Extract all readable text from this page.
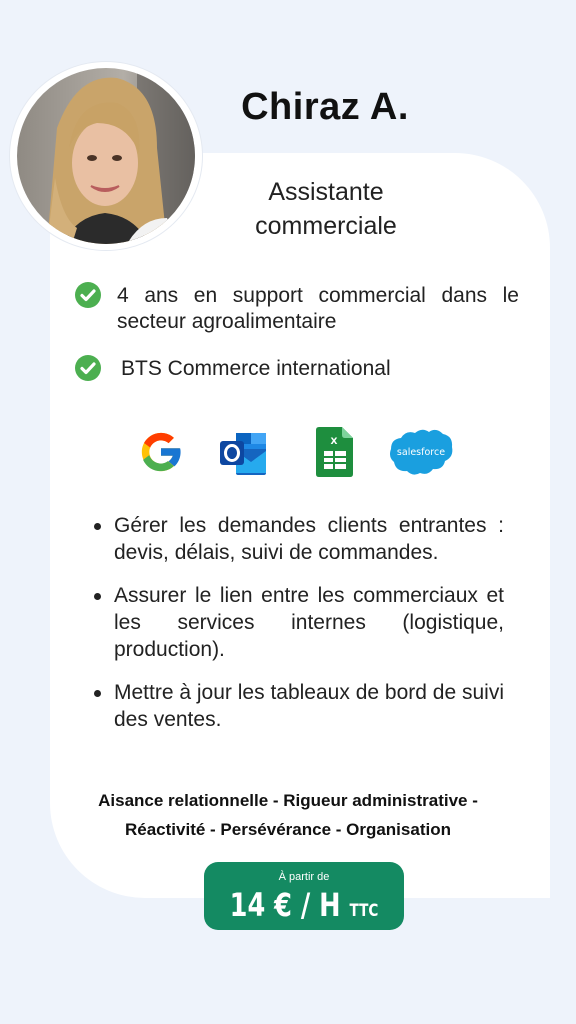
Chiraz A.
Assistante commerciale
4 ans en support commercial dans le secteur agroalimentaire
BTS Commerce international
X
salesforce
Gérer les demandes clients entrantes : devis, délais, suivi de commandes.
Assurer le lien entre les commerciaux et les services internes (logistique, production).
Mettre à jour les tableaux de bord de suivi des ventes.
Aisance relationnelle - Rigueur administrative -
Réactivité - Persévérance - Organisation
À partir de
14 € / H TTC
